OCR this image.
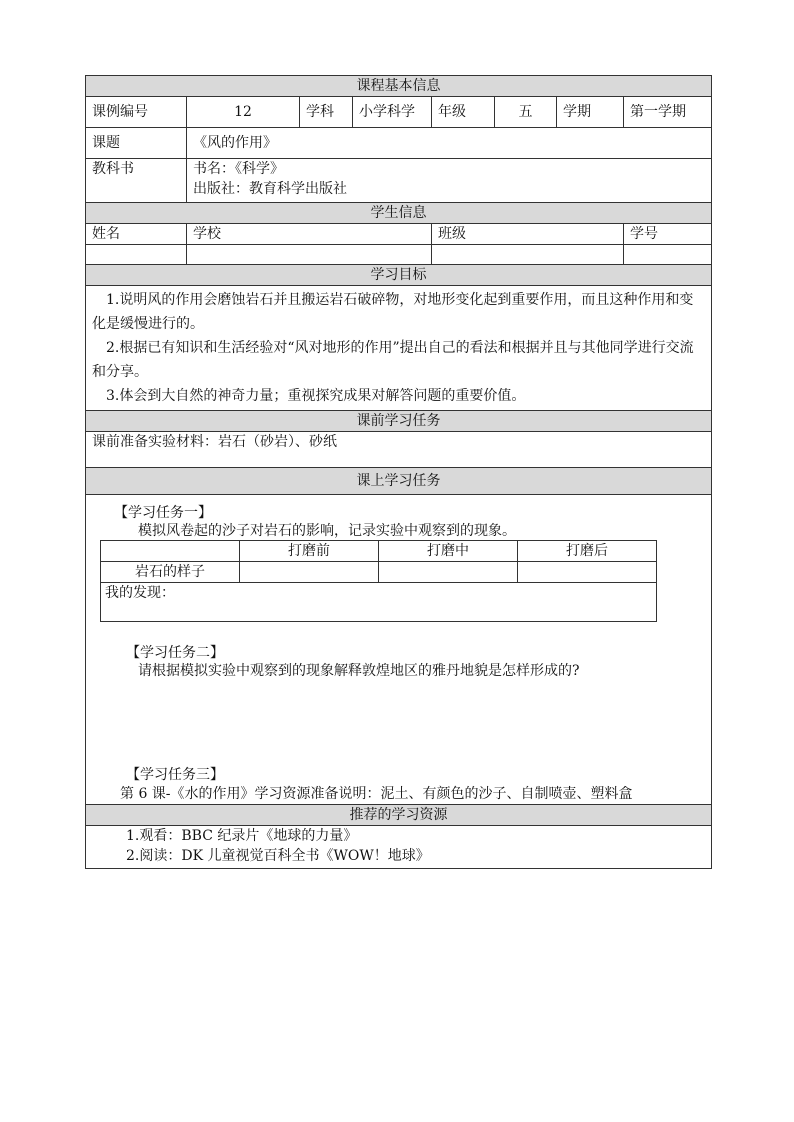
课程基本信息
课例编号	12	学科	小学科学	年级	五	学期	第一学期
课题	《风的作用》
教科书	书名：《科学》
出版社：教育科学出版社

学生信息
姓名	学校	班级	学号

学习目标

1.说明风的作用会磨蚀岩石并且搬运岩石破碎物，对地形变化起到重要作用，而且这种作用和变化是缓慢进行的。

2.根据已有知识和生活经验对“风对地形的作用”提出自己的看法和根据并且与其他同学进行交流和分享。

3.体会到大自然的神奇力量；重视探究成果对解答问题的重要价值。

课前学习任务
课前准备实验材料：岩石（砂岩）、砂纸
课上学习任务

【学习任务一】

模拟风卷起的沙子对岩石的影响，记录实验中观察到的现象。

	打磨前	打磨中	打磨后
岩石的样子			
我的发现：

【学习任务二】

请根据模拟实验中观察到的现象解释敦煌地区的雅丹地貌是怎样形成的?

【学习任务三】

第 6 课-《水的作用》学习资源准备说明：泥土、有颜色的沙子、自制喷壶、塑料盒

推荐的学习资源

1.观看：BBC 纪录片《地球的力量》
2.阅读：DK 儿童视觉百科全书《WOW！地球》
